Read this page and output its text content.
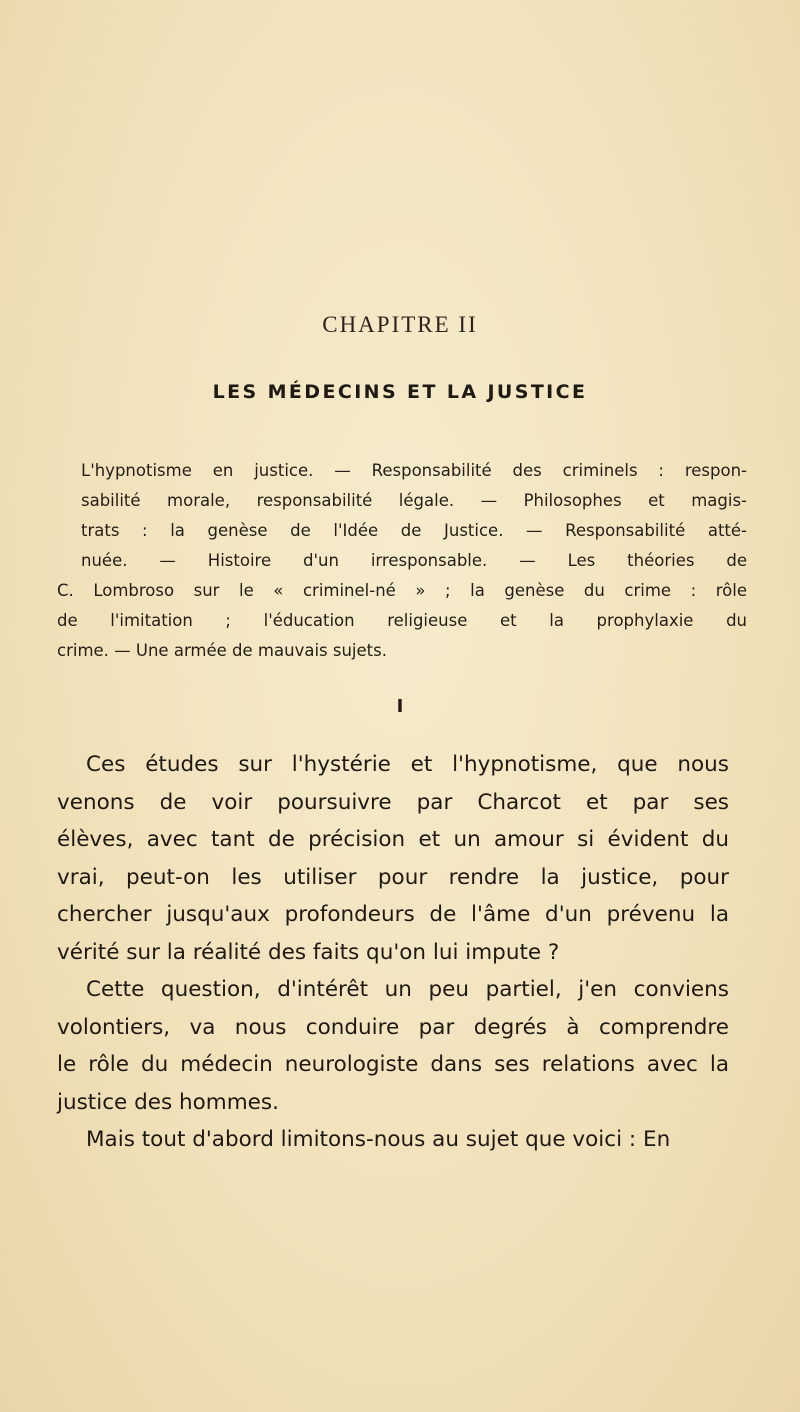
CHAPITRE II
LES MÉDECINS ET LA JUSTICE
L'hypnotisme en justice. — Responsabilité des criminels : respon-
sabilité morale, responsabilité légale. — Philosophes et magis-
trats : la genèse de l'Idée de Justice. — Responsabilité atté-
nuée. — Histoire d'un irresponsable. — Les théories de
C. Lombroso sur le « criminel-né » ; la genèse du crime : rôle
de l'imitation ; l'éducation religieuse et la prophylaxie du
crime. — Une armée de mauvais sujets.
I
Ces études sur l'hystérie et l'hypnotisme, que nous
venons de voir poursuivre par Charcot et par ses
élèves, avec tant de précision et un amour si évident du
vrai, peut-on les utiliser pour rendre la justice, pour
chercher jusqu'aux profondeurs de l'âme d'un prévenu la
vérité sur la réalité des faits qu'on lui impute ?
Cette question, d'intérêt un peu partiel, j'en conviens
volontiers, va nous conduire par degrés à comprendre
le rôle du médecin neurologiste dans ses relations avec la
justice des hommes.
Mais tout d'abord limitons-nous au sujet que voici : En
